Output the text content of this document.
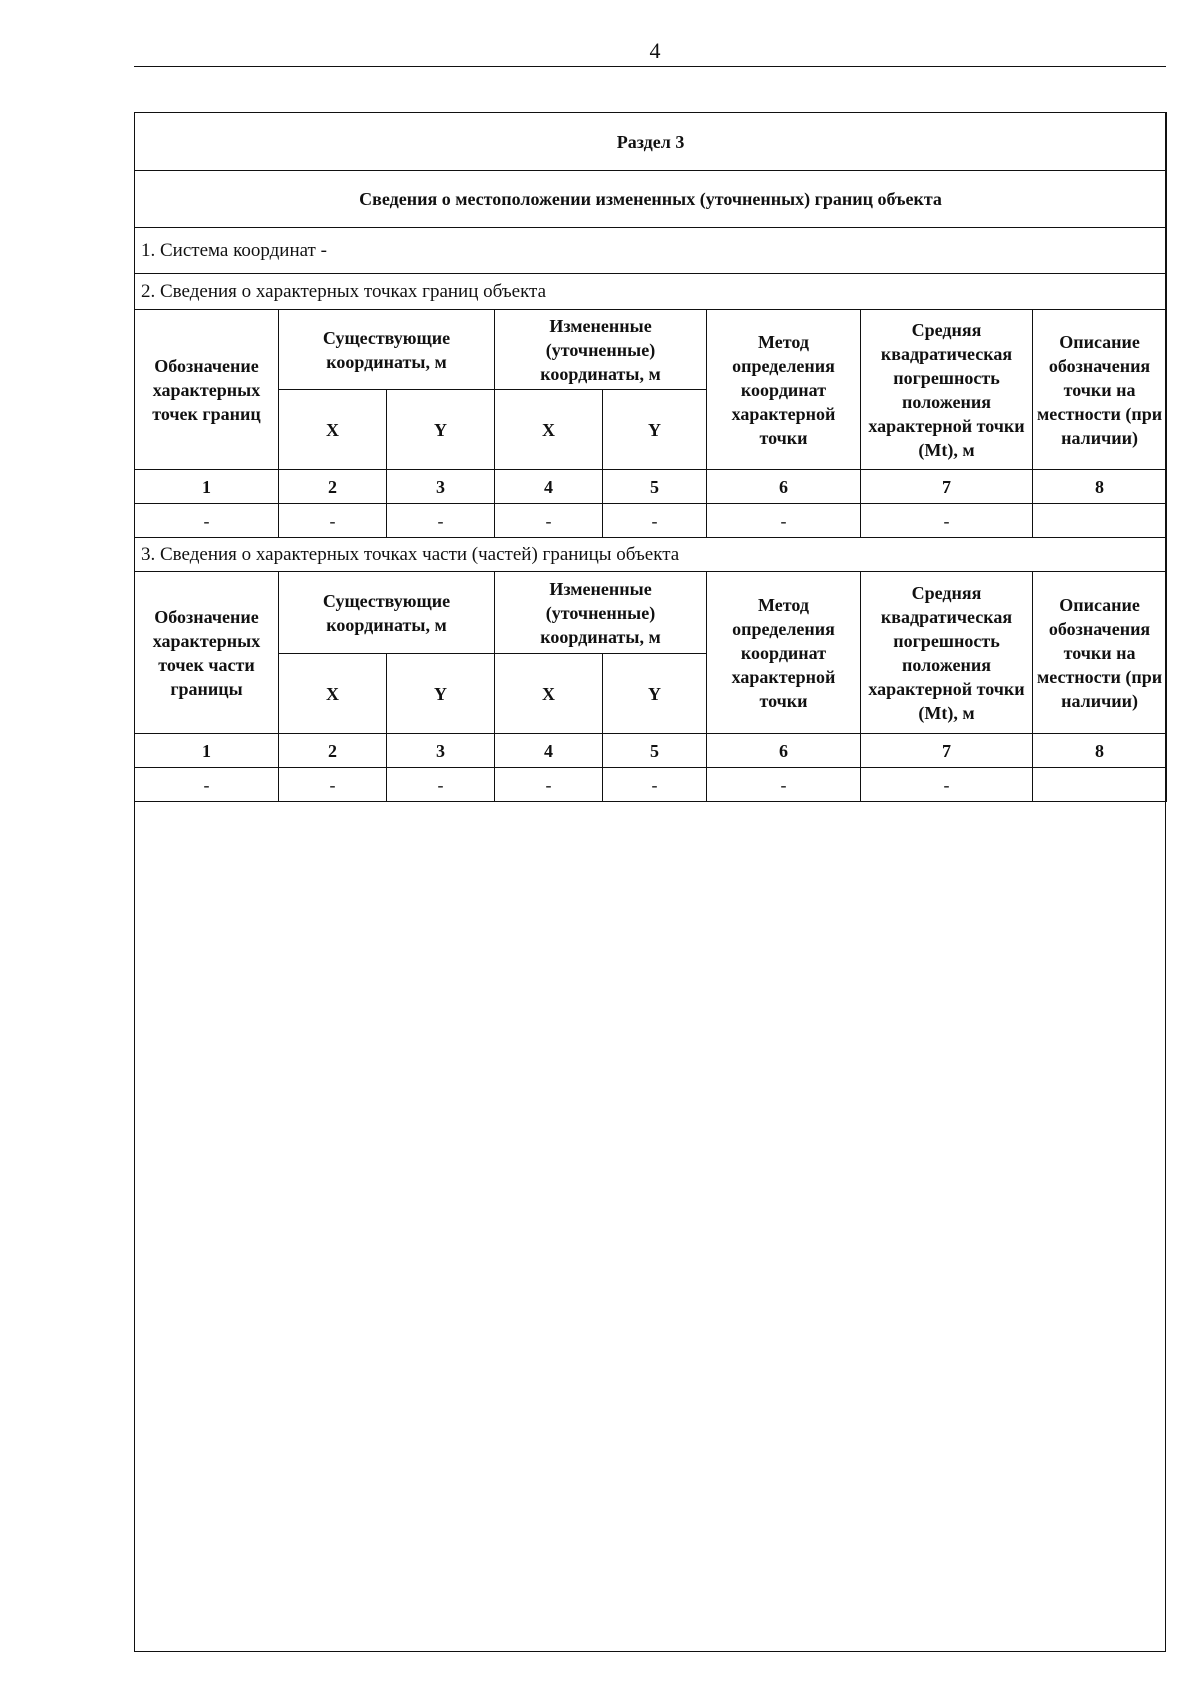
4
Раздел 3							
Сведения о местоположении измененных (уточненных) границ объекта							
1. Система координат -							
2. Сведения о характерных точках границ объекта							
Обозначение характерных точек границ	Существующие координаты, м		Измененные (уточненные) координаты, м		Метод определения координат характерной точки	Средняя квадратическая погрешность положения характерной точки (Mt), м	Описание обозначения точки на местности (при наличии)
	X	Y	X	Y			
1	2	3	4	5	6	7	8
-	-	-	-	-	-	-	
3. Сведения о характерных точках части (частей) границы объекта							
Обозначение характерных точек части границы	Существующие координаты, м		Измененные (уточненные) координаты, м		Метод определения координат характерной точки	Средняя квадратическая погрешность положения характерной точки (Mt), м	Описание обозначения точки на местности (при наличии)
	X	Y	X	Y			
1	2	3	4	5	6	7	8
-	-	-	-	-	-	-	
